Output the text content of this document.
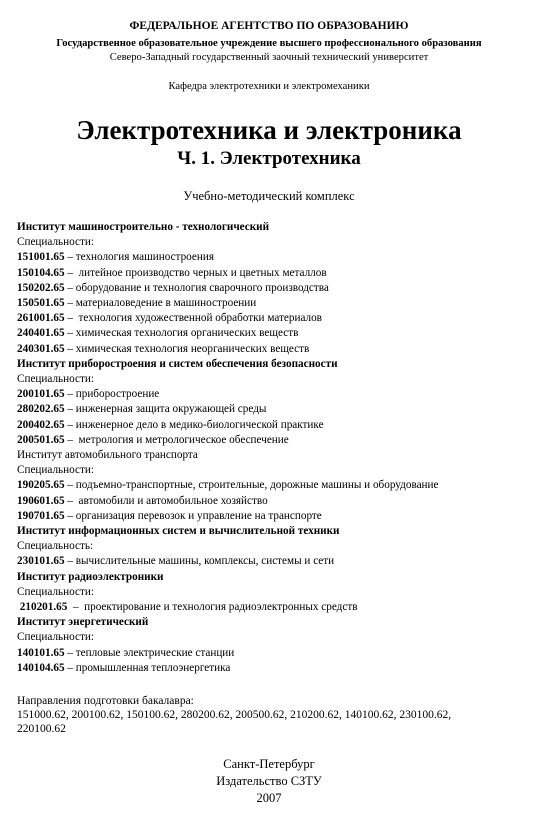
ФЕДЕРАЛЬНОЕ АГЕНТСТВО ПО ОБРАЗОВАНИЮ
Государственное образовательное учреждение высшего профессионального образования
Северо-Западный государственный заочный технический университет
Кафедра электротехники и электромеханики
Электротехника и электроника
Ч. 1. Электротехника
Учебно-методический комплекс
Институт машиностроительно - технологический
Специальности:
151001.65 – технология машиностроения
150104.65 –  литейное производство черных и цветных металлов
150202.65 – оборудование и технология сварочного производства
150501.65 – материаловедение в машиностроении
261001.65 –  технология художественной обработки материалов
240401.65 – химическая технология органических веществ
240301.65 – химическая технология неорганических веществ
Институт приборостроения и систем обеспечения безопасности
Специальности:
200101.65 – приборостроение
280202.65 – инженерная защита окружающей среды
200402.65 – инженерное дело в медико-биологической практике
200501.65 –  метрология и метрологическое обеспечение
Институт автомобильного транспорта
Специальности:
190205.65 – подъемно-транспортные, строительные, дорожные машины и оборудование
190601.65 –  автомобили и автомобильное хозяйство
190701.65 – организация перевозок и управление на транспорте
Институт информационных систем и вычислительной техники
Специальность:
230101.65 – вычислительные машины, комплексы, системы и сети
Институт радиоэлектроники
Специальности:
210201.65  –  проектирование и технология радиоэлектронных средств
Институт энергетический
Специальности:
140101.65 – тепловые электрические станции
140104.65 – промышленная теплоэнергетика
Направления подготовки бакалавра:
151000.62, 200100.62, 150100.62, 280200.62, 200500.62, 210200.62, 140100.62, 230100.62,
220100.62
Санкт-Петербург
Издательство СЗТУ
2007
